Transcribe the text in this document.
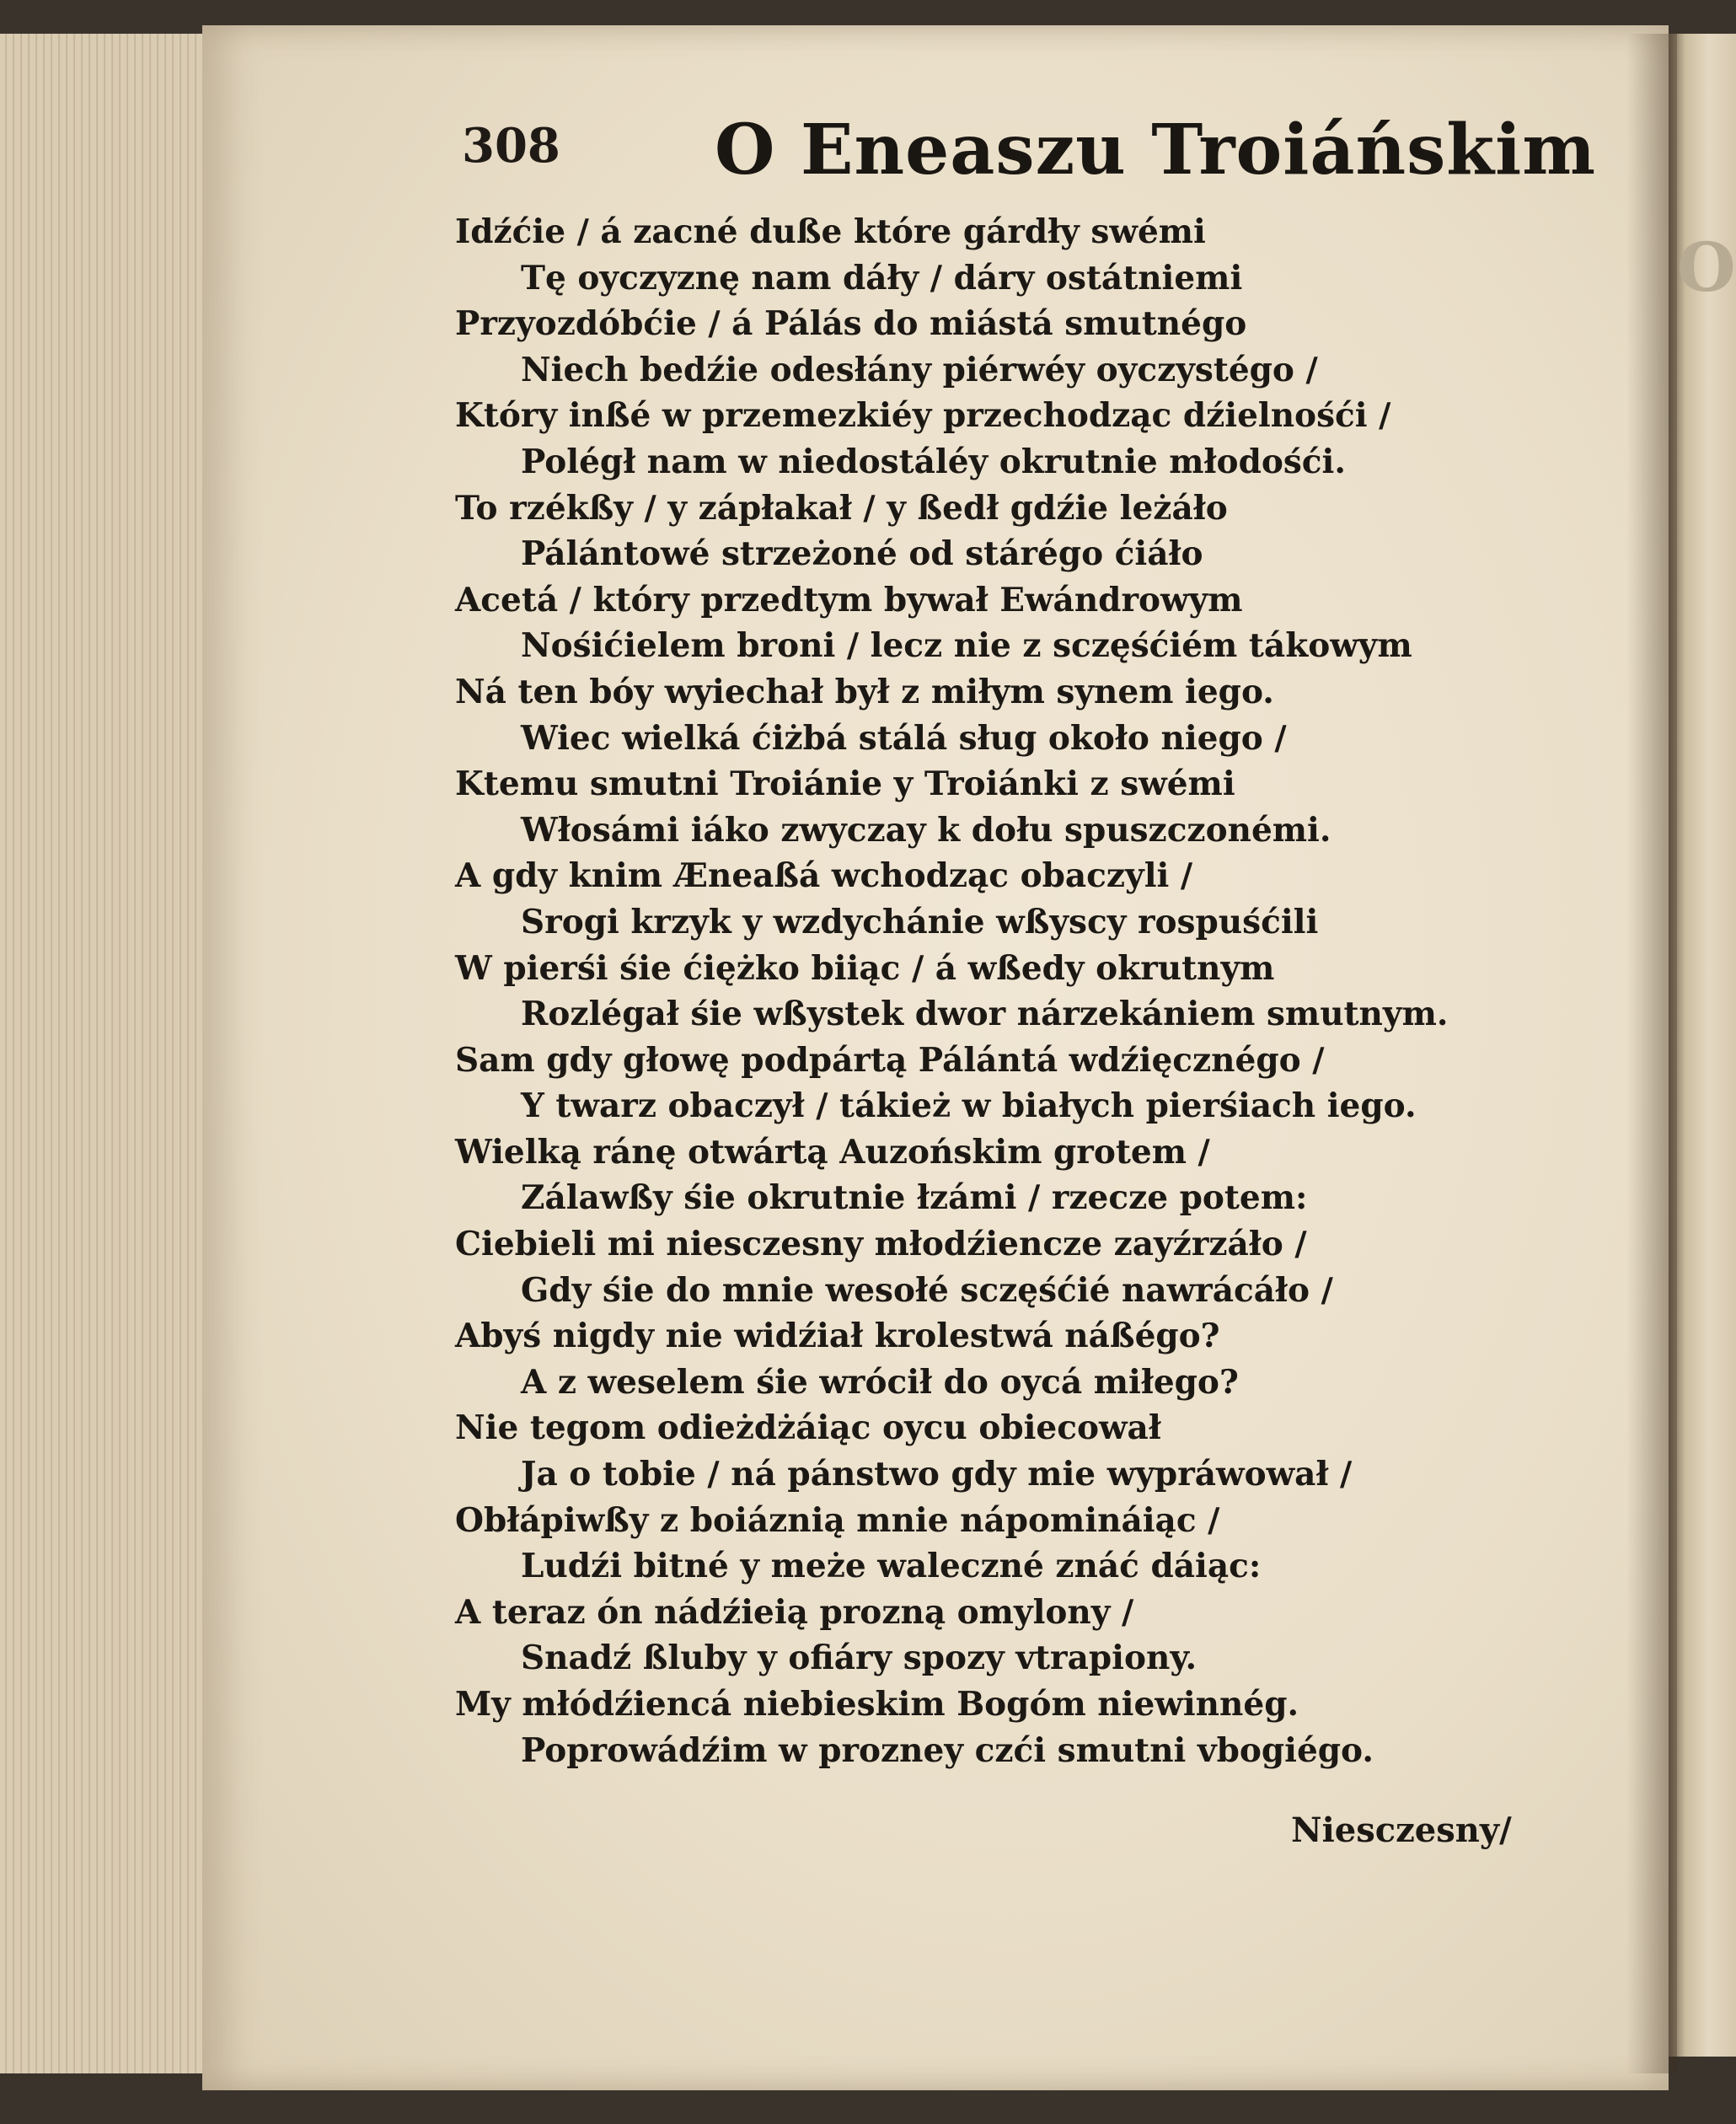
O
308 O Eneaszu Troiáńskim
Idźćie / á zacné duße które gárdły swémi
Tę oyczyznę nam dáły / dáry ostátniemi
Przyozdóbćie / á Pálás do miástá smutnégo
Niech bedźie odesłány piérwéy oyczystégo /
Który inßé w przemezkiéy przechodząc dźielnośći /
Polégł nam w niedostáléy okrutnie młodośći.
To rzékßy / y zápłakał / y ßedł gdźie leżáło
Pálántowé strzeżoné od stárégo ćiáło
Acetá / który przedtym bywał Ewándrowym
Nośićielem broni / lecz nie z sczęśćiém tákowym
Ná ten bóy wyiechał był z miłym synem iego.
Wiec wielká ćiżbá stálá sług około niego /
Ktemu smutni Troiánie y Troiánki z swémi
Włosámi iáko zwyczay k dołu spuszczonémi.
A gdy knim Æneaßá wchodząc obaczyli /
Srogi krzyk y wzdychánie wßyscy rospuśćili
W pierśi śie ćiężko biiąc / á wßedy okrutnym
Rozlégał śie wßystek dwor nárzekániem smutnym.
Sam gdy głowę podpártą Pálántá wdźięcznégo /
Y twarz obaczył / tákież w białych pierśiach iego.
Wielką ránę otwártą Auzońskim grotem /
Zálawßy śie okrutnie łzámi / rzecze potem:
Ciebieli mi niesczesny młodźiencze zayźrzáło /
Gdy śie do mnie wesołé sczęśćié nawrácáło /
Abyś nigdy nie widźiał krolestwá náßégo?
A z weselem śie wrócił do oycá miłego?
Nie tegom odieżdżáiąc oycu obiecował
Ja o tobie / ná pánstwo gdy mie wypráwował /
Obłápiwßy z boiáznią mnie nápomináiąc /
Ludźi bitné y meże waleczné znáć dáiąc:
A teraz ón nádźieią prozną omylony /
Snadź ßluby y ofiáry spozy vtrapiony.
My młódźiencá niebieskim Bogóm niewinnég.
Poprowádźim w prozney czći smutni vbogiégo.
Niesczesny/
